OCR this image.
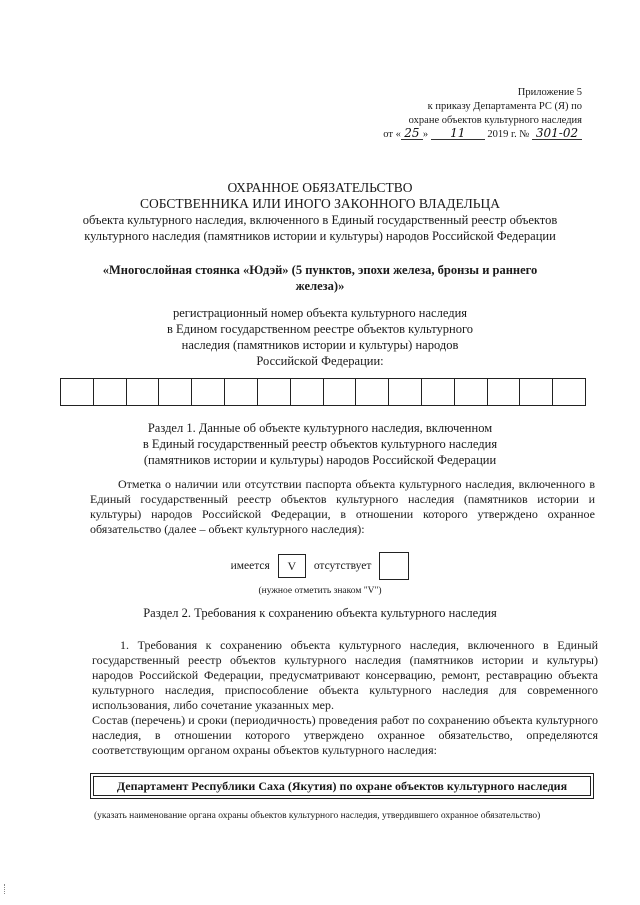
Приложение 5
к приказу Департамента РС (Я) по
охране объектов культурного наследия
от « 25 » 11 2019 г. № 301-02
ОХРАННОЕ ОБЯЗАТЕЛЬСТВО
СОБСТВЕННИКА ИЛИ ИНОГО ЗАКОННОГО ВЛАДЕЛЬЦА
объекта культурного наследия, включенного в Единый государственный реестр объектов
культурного наследия (памятников истории и культуры) народов Российской Федерации
«Многослойная стоянка «Юдэй» (5 пунктов, эпохи железа, бронзы и раннего
железа)»
регистрационный номер объекта культурного наследия
в Едином государственном реестре объектов культурного
наследия (памятников истории и культуры) народов
Российской Федерации:
Раздел 1. Данные об объекте культурного наследия, включенном
в Единый государственный реестр объектов культурного наследия
(памятников истории и культуры) народов Российской Федерации
Отметка о наличии или отсутствии паспорта объекта культурного наследия, включенного в Единый государственный реестр объектов культурного наследия (памятников истории и культуры) народов Российской Федерации, в отношении которого утверждено охранное обязательство (далее – объект культурного наследия):
имеется	V	отсутствует
(нужное отметить знаком "V")
Раздел 2. Требования к сохранению объекта культурного наследия
1. Требования к сохранению объекта культурного наследия, включенного в Единый государственный реестр объектов культурного наследия (памятников истории и культуры) народов Российской Федерации, предусматривают консервацию, ремонт, реставрацию объекта культурного наследия, приспособление объекта культурного наследия для современного использования, либо сочетание указанных мер.
Состав (перечень) и сроки (периодичность) проведения работ по сохранению объекта культурного наследия, в отношении которого утверждено охранное обязательство, определяются соответствующим органом охраны объектов культурного наследия:
Департамент Республики Саха (Якутия) по охране объектов культурного наследия
(указать наименование органа охраны объектов культурного наследия, утвердившего охранное обязательство)
